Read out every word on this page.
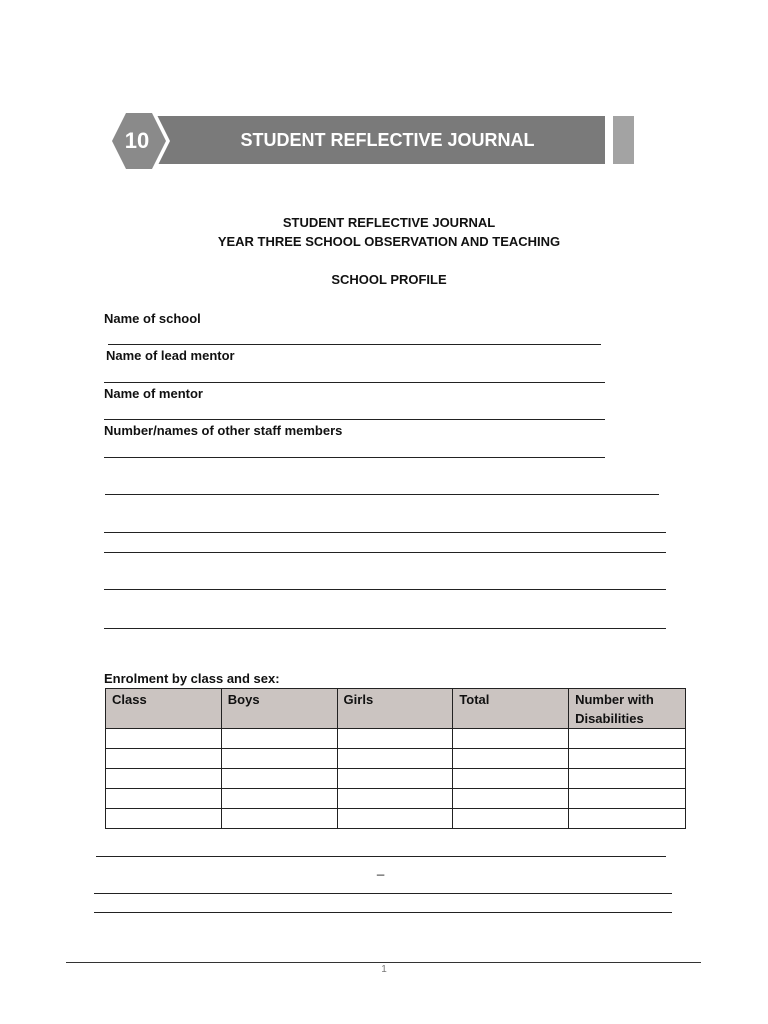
STUDENT REFLECTIVE JOURNAL
10
STUDENT REFLECTIVE JOURNAL
YEAR THREE SCHOOL OBSERVATION AND TEACHING
SCHOOL PROFILE
Name of school
Name of lead mentor
Name of mentor
Number/names of other staff members
Enrolment by class and sex:
Class	Boys	Girls	Total	Number with Disabilities

_
1
